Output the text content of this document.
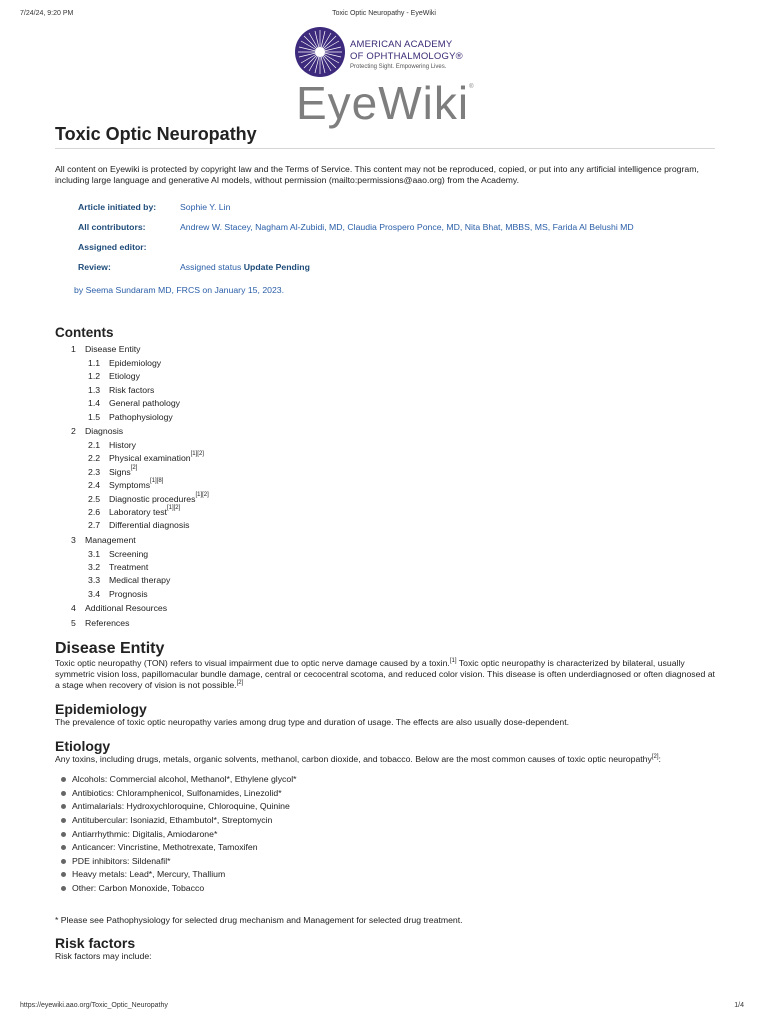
7/24/24, 9:20 PM	Toxic Optic Neuropathy - EyeWiki
AMERICAN ACADEMY
OF OPHTHALMOLOGY®
Protecting Sight. Empowering Lives.
EyeWiki®
Toxic Optic Neuropathy
All content on Eyewiki is protected by copyright law and the Terms of Service. This content may not be reproduced, copied, or put into any artificial intelligence program, including large language and generative AI models, without permission (mailto:permissions@aao.org) from the Academy.
Article initiated by:	Sophie Y. Lin
All contributors:	Andrew W. Stacey, Nagham Al-Zubidi, MD, Claudia Prospero Ponce, MD, Nita Bhat, MBBS, MS, Farida Al Belushi MD
Assigned editor:
Review:	Assigned status Update Pending
by Seema Sundaram MD, FRCS on January 15, 2023.
Contents
1 Disease Entity
1.1 Epidemiology
1.2 Etiology
1.3 Risk factors
1.4 General pathology
1.5 Pathophysiology
2 Diagnosis
2.1 History
2.2 Physical examination[1][2]
2.3 Signs[2]
2.4 Symptoms[1][8]
2.5 Diagnostic procedures[1][2]
2.6 Laboratory test[1][2]
2.7 Differential diagnosis
3 Management
3.1 Screening
3.2 Treatment
3.3 Medical therapy
3.4 Prognosis
4 Additional Resources
5 References
Disease Entity

Toxic optic neuropathy (TON) refers to visual impairment due to optic nerve damage caused by a toxin.[1] Toxic optic neuropathy is characterized by bilateral, usually symmetric vision loss, papillomacular bundle damage, central or cecocentral scotoma, and reduced color vision. This disease is often underdiagnosed or often diagnosed at a stage when recovery of vision is not possible.[2]

Epidemiology

The prevalence of toxic optic neuropathy varies among drug type and duration of usage. The effects are also usually dose-dependent.

Etiology

Any toxins, including drugs, metals, organic solvents, methanol, carbon dioxide, and tobacco. Below are the most common causes of toxic optic neuropathy[2]:

Alcohols: Commercial alcohol, Methanol*, Ethylene glycol*
Antibiotics: Chloramphenicol, Sulfonamides, Linezolid*
Antimalarials: Hydroxychloroquine, Chloroquine, Quinine
Antitubercular: Isoniazid, Ethambutol*, Streptomycin
Antiarrhythmic: Digitalis, Amiodarone*
Anticancer: Vincristine, Methotrexate, Tamoxifen
PDE inhibitors: Sildenafil*
Heavy metals: Lead*, Mercury, Thallium
Other: Carbon Monoxide, Tobacco

* Please see Pathophysiology for selected drug mechanism and Management for selected drug treatment.

Risk factors

Risk factors may include:

https://eyewiki.aao.org/Toxic_Optic_Neuropathy	1/4
